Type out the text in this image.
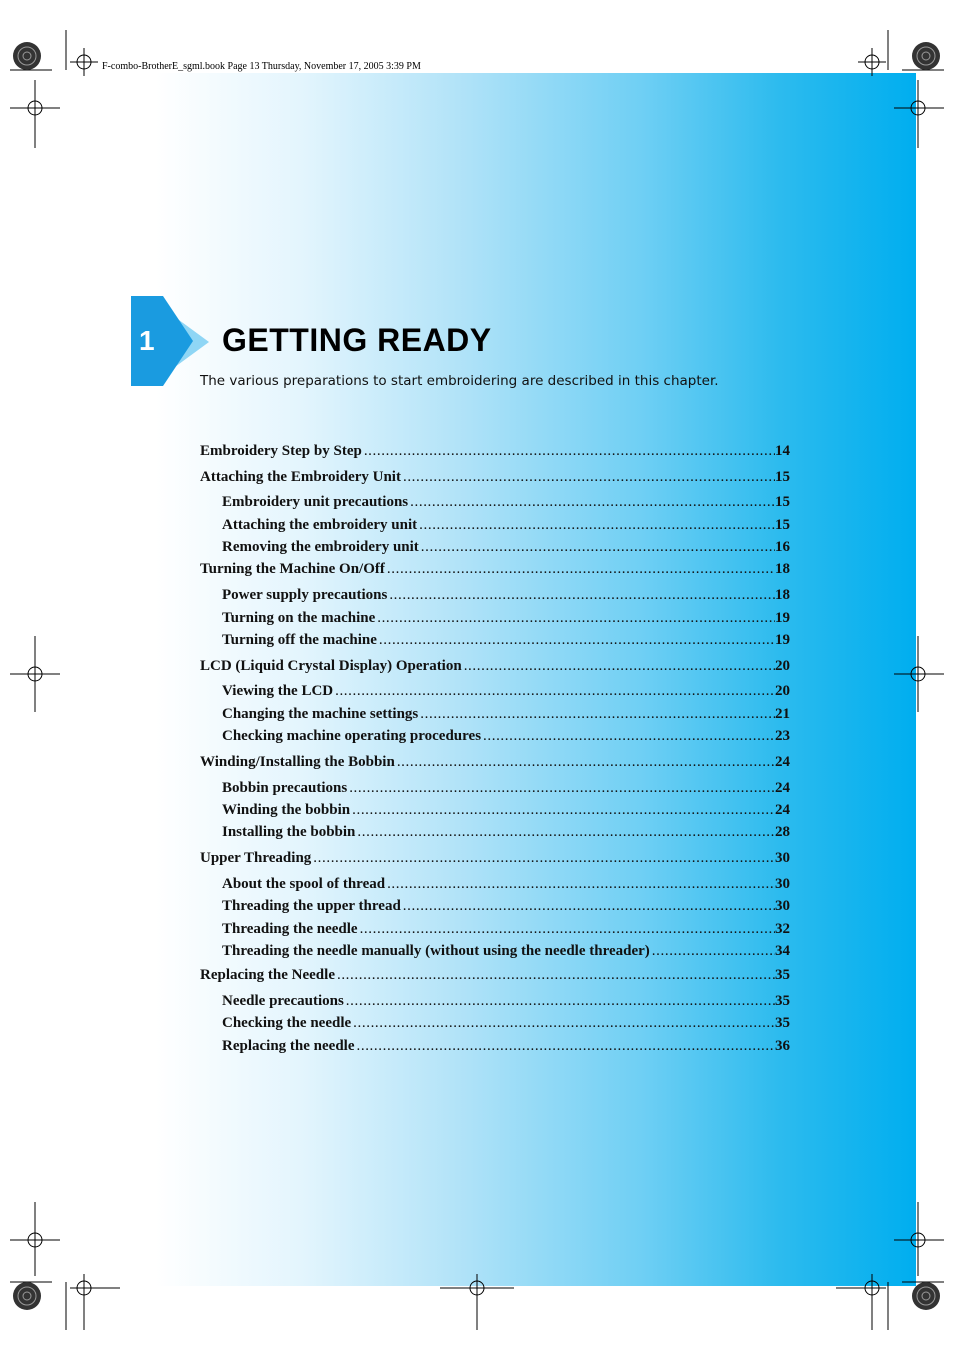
F-combo-BrotherE_sgml.book Page 13 Thursday, November 17, 2005 3:39 PM
1 GETTING READY
The various preparations to start embroidering are described in this chapter.
Embroidery Step by Step .....	14
Attaching the Embroidery Unit .....	15
Embroidery unit precautions .....	15
Attaching the embroidery unit .....	15
Removing the embroidery unit .....	16
Turning the Machine On/Off .....	18
Power supply precautions .....	18
Turning on the machine .....	19
Turning off the machine .....	19
LCD (Liquid Crystal Display) Operation .....	20
Viewing the LCD .....	20
Changing the machine settings .....	21
Checking machine operating procedures .....	23
Winding/Installing the Bobbin .....	24
Bobbin precautions .....	24
Winding the bobbin .....	24
Installing the bobbin .....	28
Upper Threading .....	30
About the spool of thread .....	30
Threading the upper thread .....	30
Threading the needle .....	32
Threading the needle manually (without using the needle threader) .....	34
Replacing the Needle .....	35
Needle precautions .....	35
Checking the needle .....	35
Replacing the needle .....	36
